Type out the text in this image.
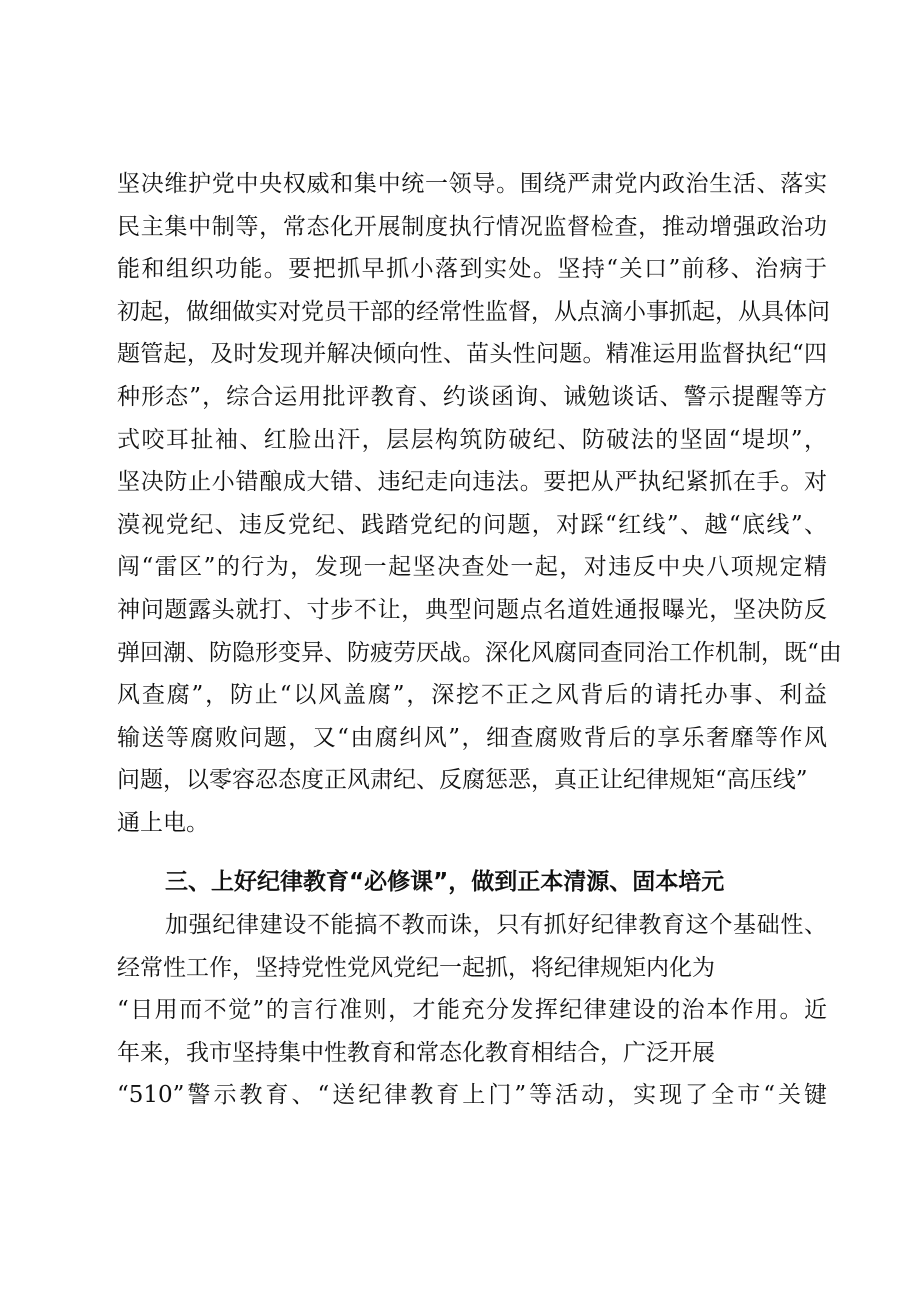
坚决维护党中央权威和集中统一领导。围绕严肃党内政治生活、落实
民主集中制等，常态化开展制度执行情况监督检查，推动增强政治功
能和组织功能。要把抓早抓小落到实处。坚持“关口”前移、治病于
初起，做细做实对党员干部的经常性监督，从点滴小事抓起，从具体问
题管起，及时发现并解决倾向性、苗头性问题。精准运用监督执纪“四
种形态”，综合运用批评教育、约谈函询、诫勉谈话、警示提醒等方
式咬耳扯袖、红脸出汗，层层构筑防破纪、防破法的坚固“堤坝”，
坚决防止小错酿成大错、违纪走向违法。要把从严执纪紧抓在手。对
漠视党纪、违反党纪、践踏党纪的问题，对踩“红线”、越“底线”、
闯“雷区”的行为，发现一起坚决查处一起，对违反中央八项规定精
神问题露头就打、寸步不让，典型问题点名道姓通报曝光，坚决防反
弹回潮、防隐形变异、防疲劳厌战。深化风腐同查同治工作机制，既“由
风查腐”，防止“以风盖腐”，深挖不正之风背后的请托办事、利益
输送等腐败问题，又“由腐纠风”，细查腐败背后的享乐奢靡等作风
问题，以零容忍态度正风肃纪、反腐惩恶，真正让纪律规矩“高压线”
通上电。
三、上好纪律教育“必修课”，做到正本清源、固本培元
加强纪律建设不能搞不教而诛，只有抓好纪律教育这个基础性、
经常性工作，坚持党性党风党纪一起抓，将纪律规矩内化为
“日用而不觉”的言行准则，才能充分发挥纪律建设的治本作用。近
年来，我市坚持集中性教育和常态化教育相结合，广泛开展
“510”警示教育、“送纪律教育上门”等活动，实现了全市“关键
